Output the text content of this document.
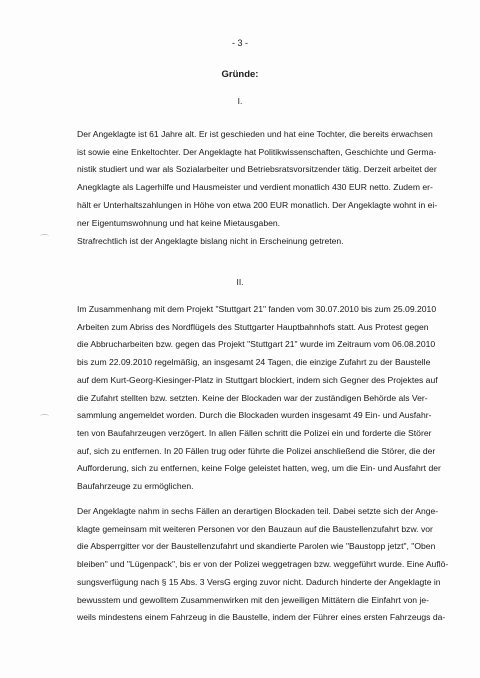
- 3 -
Gründe:
I.
Der Angeklagte ist 61 Jahre alt. Er ist geschieden und hat eine Tochter, die bereits erwachsen
ist sowie eine Enkeltochter. Der Angeklagte hat Politikwissenschaften, Geschichte und Germa-
nistik studiert und war als Sozialarbeiter und Betriebsratsvorsitzender tätig. Derzeit arbeitet der
Anegklagte als Lagerhilfe und Hausmeister und verdient monatlich 430 EUR netto. Zudem er-
hält er Unterhaltszahlungen in Höhe von etwa 200 EUR monatlich. Der Angeklagte wohnt in ei-
ner Eigentumswohnung und hat keine Mietausgaben.
⌒	Strafrechtlich ist der Angeklagte bislang nicht in Erscheinung getreten.
II.
Im Zusammenhang mit dem Projekt "Stuttgart 21" fanden vom 30.07.2010 bis zum 25.09.2010
Arbeiten zum Abriss des Nordflügels des Stuttgarter Hauptbahnhofs statt. Aus Protest gegen
die Abbrucharbeiten bzw. gegen das Projekt "Stuttgart 21" wurde im Zeitraum vom 06.08.2010
bis zum 22.09.2010 regelmäßig, an insgesamt 24 Tagen, die einzige Zufahrt zu der Baustelle
auf dem Kurt-Georg-Kiesinger-Platz in Stuttgart blockiert, indem sich Gegner des Projektes auf
die Zufahrt stellten bzw. setzten. Keine der Blockaden war der zuständigen Behörde als Ver-
sammlung angemeldet worden. Durch die Blockaden wurden insgesamt 49 Ein- und Ausfahr-
ten von Baufahrzeugen verzögert. In allen Fällen schritt die Polizei ein und forderte die Störer
auf, sich zu entfernen. In 20 Fällen trug oder führte die Polizei anschließend die Störer, die der
Aufforderung, sich zu entfernen, keine Folge geleistet hatten, weg, um die Ein- und Ausfahrt der
Baufahrzeuge zu ermöglichen.
⌒
Der Angeklagte nahm in sechs Fällen an derartigen Blockaden teil. Dabei setzte sich der Ange-
klagte gemeinsam mit weiteren Personen vor den Bauzaun auf die Baustellenzufahrt bzw. vor
die Absperrgitter vor der Baustellenzufahrt und skandierte Parolen wie "Baustopp jetzt", "Oben
bleiben" und "Lügenpack", bis er von der Polizei weggetragen bzw. weggeführt wurde. Eine Auflö-
sungsverfügung nach § 15 Abs. 3 VersG erging zuvor nicht. Dadurch hinderte der Angeklagte in
bewusstem und gewolltem Zusammenwirken mit den jeweiligen Mittätern die Einfahrt von je-
weils mindestens einem Fahrzeug in die Baustelle, indem der Führer eines ersten Fahrzeugs da-
